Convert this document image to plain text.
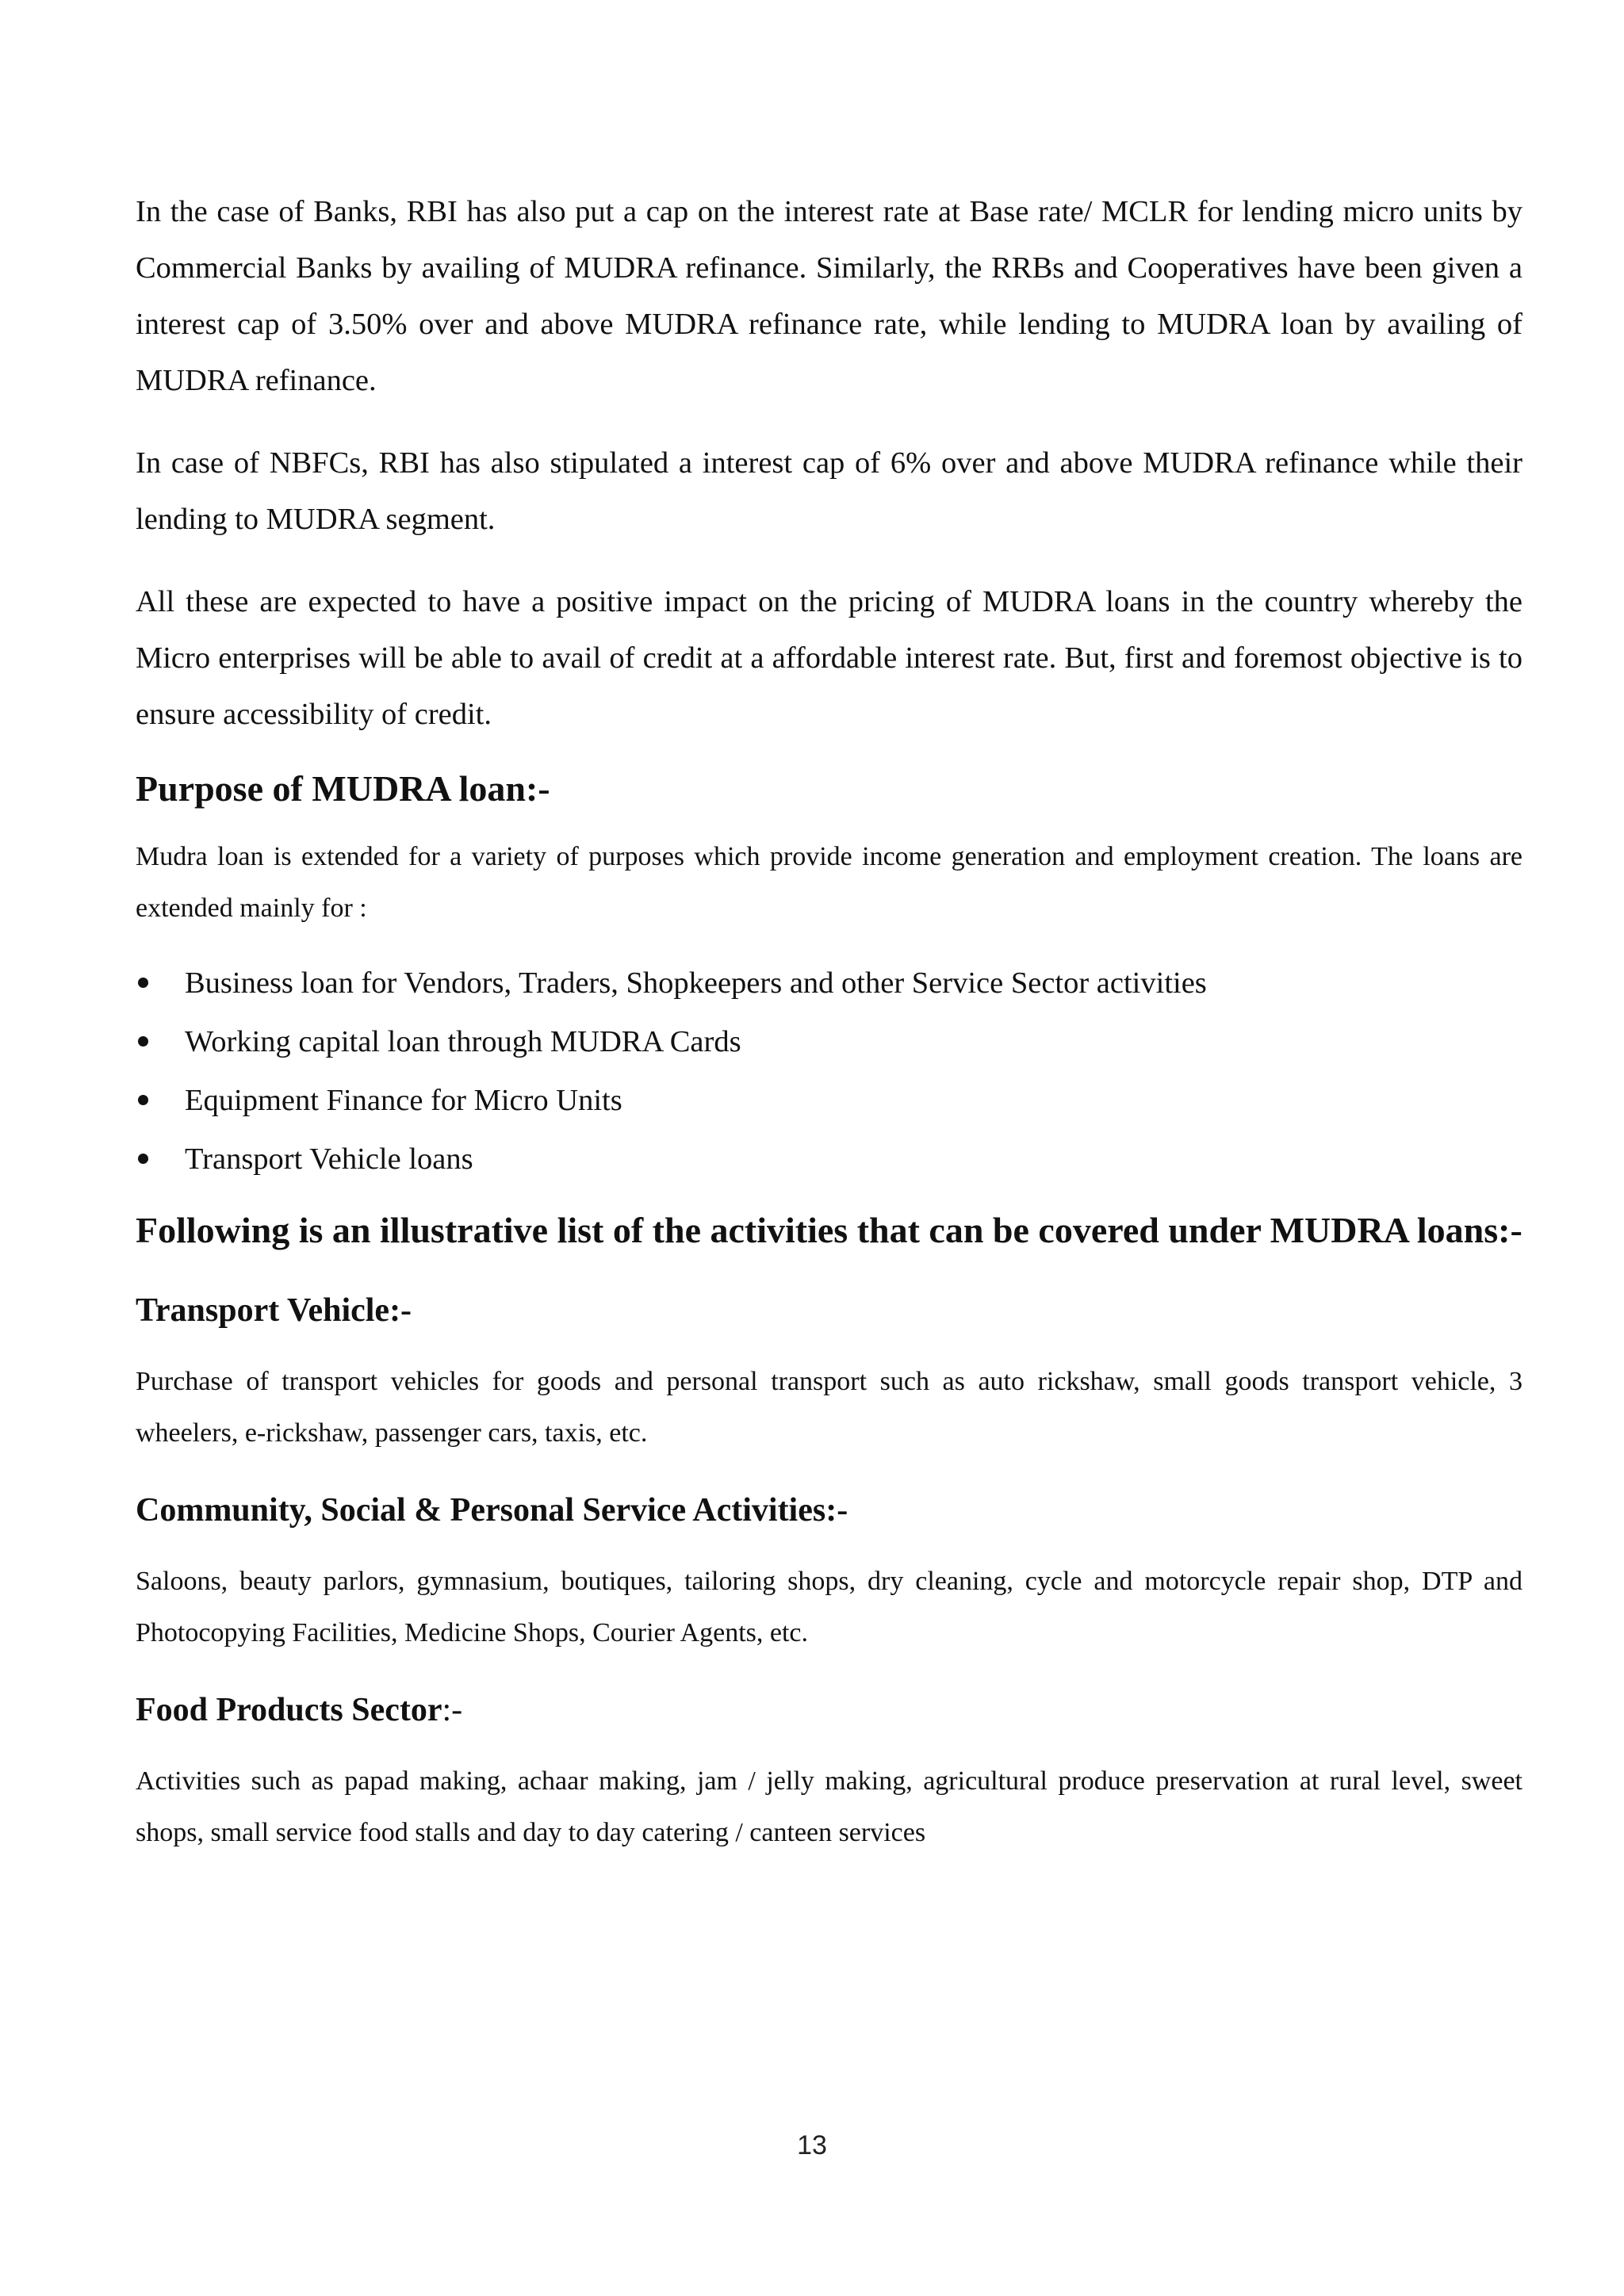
In the case of Banks, RBI has also put a cap on the interest rate at Base rate/ MCLR for lending micro units by Commercial Banks by availing of MUDRA refinance. Similarly, the RRBs and Cooperatives have been given a interest cap of 3.50% over and above MUDRA refinance rate, while lending to MUDRA loan by availing of MUDRA refinance.

In case of NBFCs, RBI has also stipulated a interest cap of 6% over and above MUDRA refinance while their lending to MUDRA segment.

All these are expected to have a positive impact on the pricing of MUDRA loans in the country whereby the Micro enterprises will be able to avail of credit at a affordable interest rate. But, first and foremost objective is to ensure accessibility of credit.

Purpose of MUDRA loan:-

Mudra loan is extended for a variety of purposes which provide income generation and employment creation. The loans are extended mainly for :

Business loan for Vendors, Traders, Shopkeepers and other Service Sector activities
Working capital loan through MUDRA Cards
Equipment Finance for Micro Units
Transport Vehicle loans
Following is an illustrative list of the activities that can be covered under MUDRA loans:-
Transport Vehicle:-

Purchase of transport vehicles for goods and personal transport such as auto rickshaw, small goods transport vehicle, 3 wheelers, e-rickshaw, passenger cars, taxis, etc.

Community, Social & Personal Service Activities:-

Saloons, beauty parlors, gymnasium, boutiques, tailoring shops, dry cleaning, cycle and motorcycle repair shop, DTP and Photocopying Facilities, Medicine Shops, Courier Agents, etc.

Food Products Sector:-

Activities such as papad making, achaar making, jam / jelly making, agricultural produce preservation at rural level, sweet shops, small service food stalls and day to day catering / canteen services

13
